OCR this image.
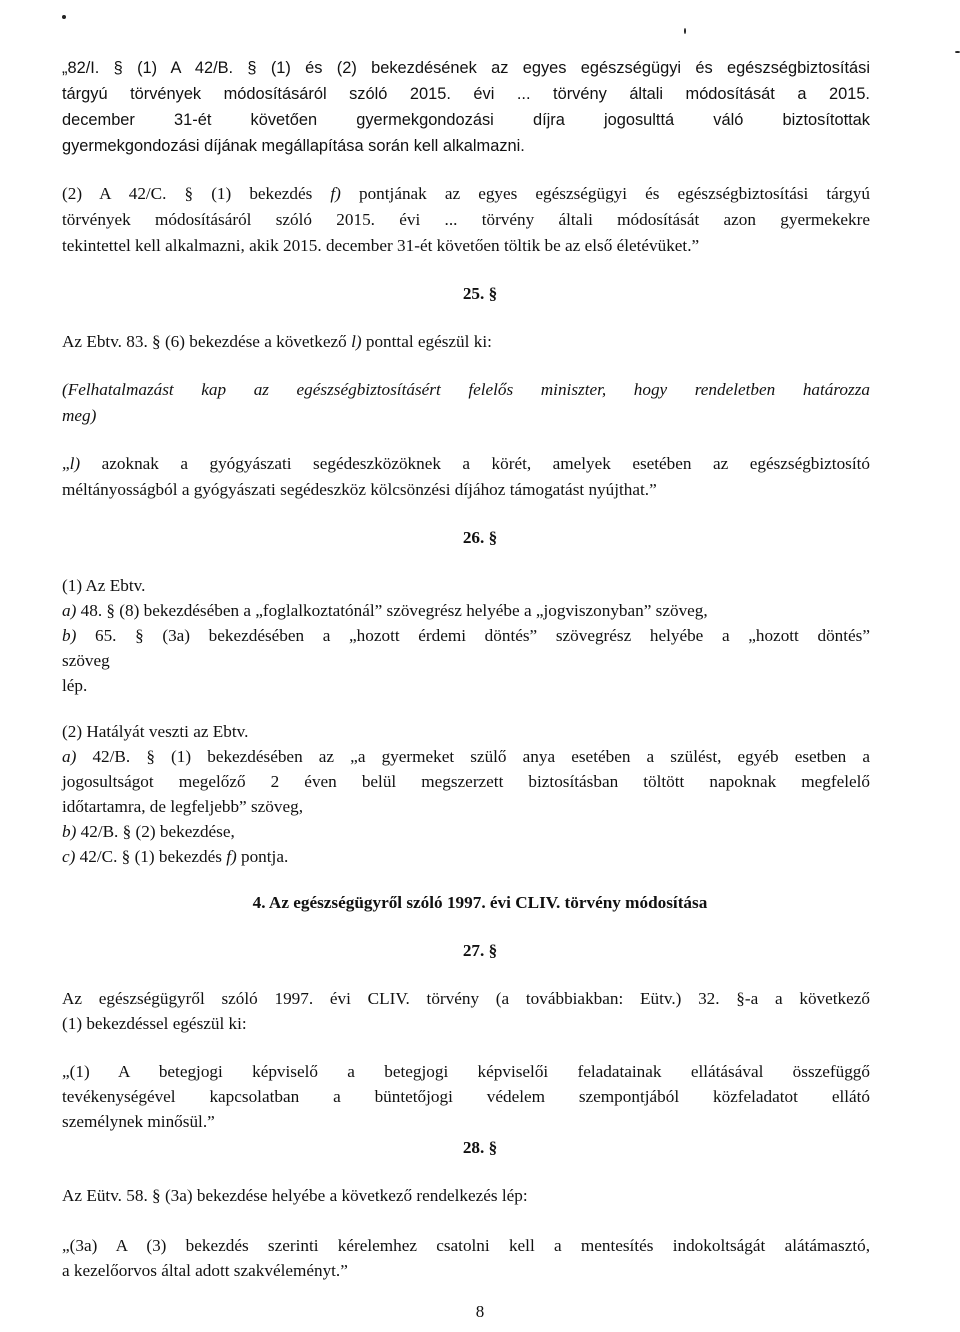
„82/I. § (1) A 42/B. § (1) és (2) bekezdésének az egyes egészségügyi és egészségbiztosítási
tárgyú törvények módosításáról szóló 2015. évi ... törvény általi módosítását a 2015.
december 31-ét követően gyermekgondozási díjra jogosulttá váló biztosítottak
gyermekgondozási díjának megállapítása során kell alkalmazni.
(2) A 42/C. § (1) bekezdés f) pontjának az egyes egészségügyi és egészségbiztosítási tárgyú
törvények módosításáról szóló 2015. évi ... törvény általi módosítását azon gyermekekre
tekintettel kell alkalmazni, akik 2015. december 31-ét követően töltik be az első életévüket.”
25. §
Az Ebtv. 83. § (6) bekezdése a következő l) ponttal egészül ki:
(Felhatalmazást kap az egészségbiztosításért felelős miniszter, hogy rendeletben határozza
meg)
„l) azoknak a gyógyászati segédeszközöknek a körét, amelyek esetében az egészségbiztosító
méltányosságból a gyógyászati segédeszköz kölcsönzési díjához támogatást nyújthat.”
26. §
(1) Az Ebtv.
a) 48. § (8) bekezdésében a „foglalkoztatónál” szövegrész helyébe a „jogviszonyban” szöveg,
b) 65. § (3a) bekezdésében a „hozott érdemi döntés” szövegrész helyébe a „hozott döntés”
szöveg
lép.
(2) Hatályát veszti az Ebtv.
a) 42/B. § (1) bekezdésében az „a gyermeket szülő anya esetében a szülést, egyéb esetben a
jogosultságot megelőző 2 éven belül megszerzett biztosításban töltött napoknak megfelelő
időtartamra, de legfeljebb” szöveg,
b) 42/B. § (2) bekezdése,
c) 42/C. § (1) bekezdés f) pontja.
4. Az egészségügyről szóló 1997. évi CLIV. törvény módosítása
27. §
Az egészségügyről szóló 1997. évi CLIV. törvény (a továbbiakban: Eütv.) 32. §-a a következő
(1) bekezdéssel egészül ki:
„(1) A betegjogi képviselő a betegjogi képviselői feladatainak ellátásával összefüggő
tevékenységével kapcsolatban a büntetőjogi védelem szempontjából közfeladatot ellátó
személynek minősül.”
28. §
Az Eütv. 58. § (3a) bekezdése helyébe a következő rendelkezés lép:
„(3a) A (3) bekezdés szerinti kérelemhez csatolni kell a mentesítés indokoltságát alátámasztó,
a kezelőorvos által adott szakvéleményt.”
8
